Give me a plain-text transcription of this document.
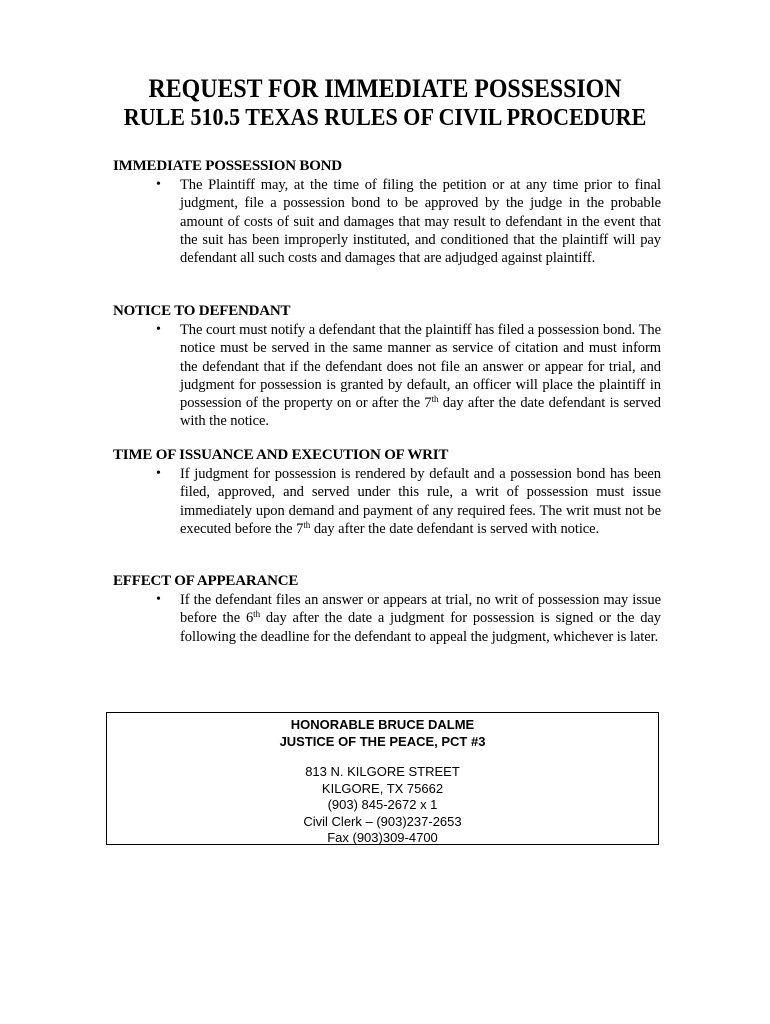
REQUEST FOR IMMEDIATE POSSESSION
RULE 510.5 TEXAS RULES OF CIVIL PROCEDURE

IMMEDIATE POSSESSION BOND

• The Plaintiff may, at the time of filing the petition or at any time prior to final judgment, file a possession bond to be approved by the judge in the probable amount of costs of suit and damages that may result to defendant in the event that the suit has been improperly instituted, and conditioned that the plaintiff will pay defendant all such costs and damages that are adjudged against plaintiff.

NOTICE TO DEFENDANT

• The court must notify a defendant that the plaintiff has filed a possession bond. The notice must be served in the same manner as service of citation and must inform the defendant that if the defendant does not file an answer or appear for trial, and judgment for possession is granted by default, an officer will place the plaintiff in possession of the property on or after the 7th day after the date defendant is served with the notice.

TIME OF ISSUANCE AND EXECUTION OF WRIT

• If judgment for possession is rendered by default and a possession bond has been filed, approved, and served under this rule, a writ of possession must issue immediately upon demand and payment of any required fees. The writ must not be executed before the 7th day after the date defendant is served with notice.

EFFECT OF APPEARANCE

• If the defendant files an answer or appears at trial, no writ of possession may issue before the 6th day after the date a judgment for possession is signed or the day following the deadline for the defendant to appeal the judgment, whichever is later.
HONORABLE BRUCE DALME
JUSTICE OF THE PEACE, PCT #3
813 N. KILGORE STREET
KILGORE, TX 75662
(903) 845-2672 x 1
Civil Clerk – (903)237-2653
Fax (903)309-4700
